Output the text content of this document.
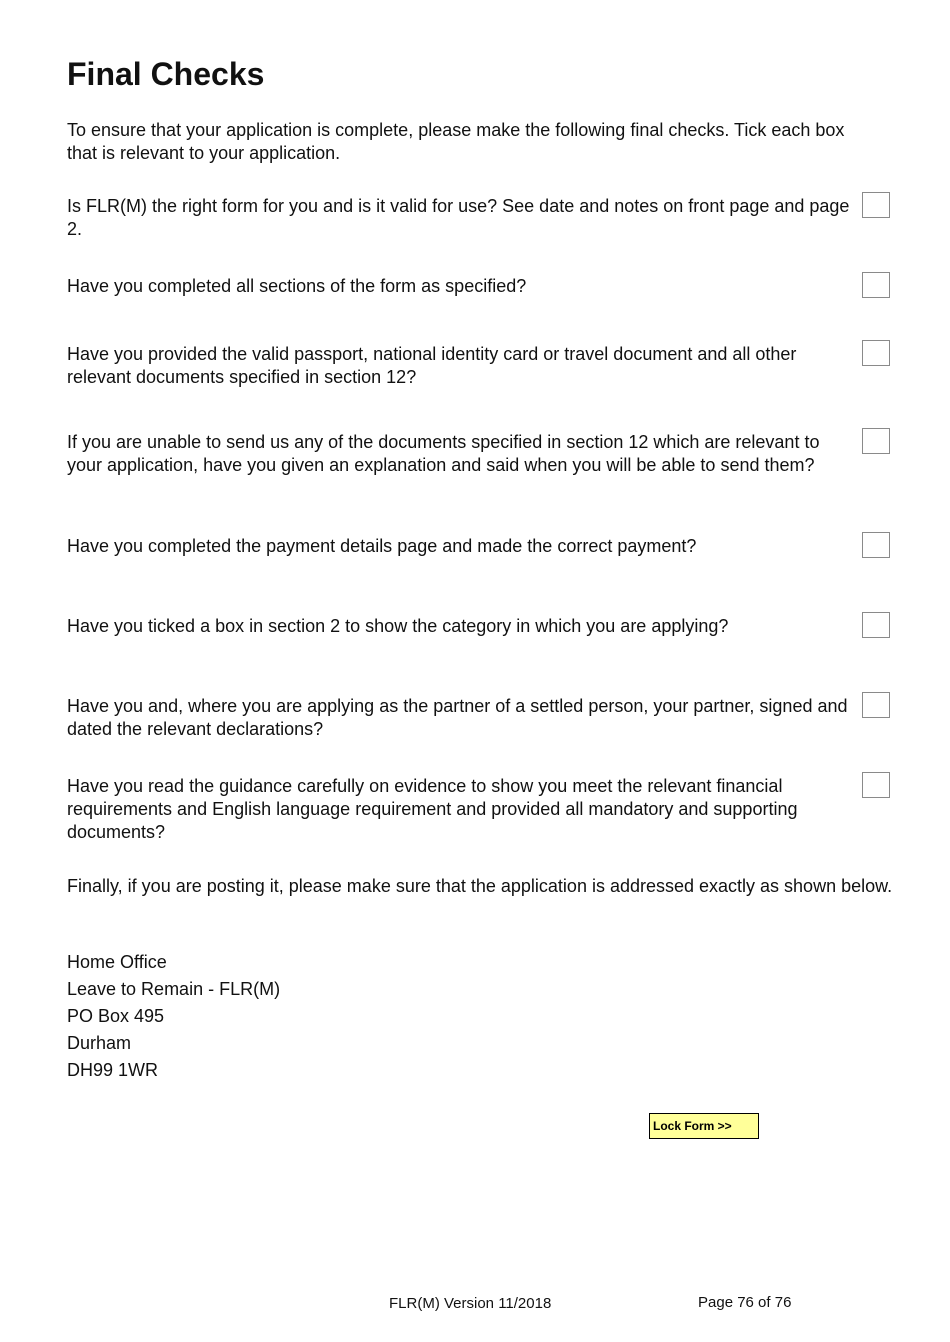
Final Checks

To ensure that your application is complete, please make the following final checks. Tick each box that is relevant to your application.

Is FLR(M) the right form for you and is it valid for use? See date and notes on front page and page 2.

Have you completed all sections of the form as specified?

Have you provided the valid passport, national identity card or travel document and all other relevant documents specified in section 12?

If you are unable to send us any of the documents specified in section 12 which are relevant to your application, have you given an explanation and said when you will be able to send them?

Have you completed the payment details page and made the correct payment?

Have you ticked a box in section 2 to show the category in which you are applying?

Have you and, where you are applying as the partner of a settled person, your partner, signed and dated the relevant declarations?

Have you read the guidance carefully on evidence to show you meet the relevant financial requirements and English language requirement and provided all mandatory and supporting documents?

Finally, if you are posting it, please make sure that the application is addressed exactly as shown below.

Home Office
Leave to Remain - FLR(M)
PO Box 495
Durham
DH99 1WR
Lock Form >>
FLR(M) Version 11/2018	Page 76 of 76
